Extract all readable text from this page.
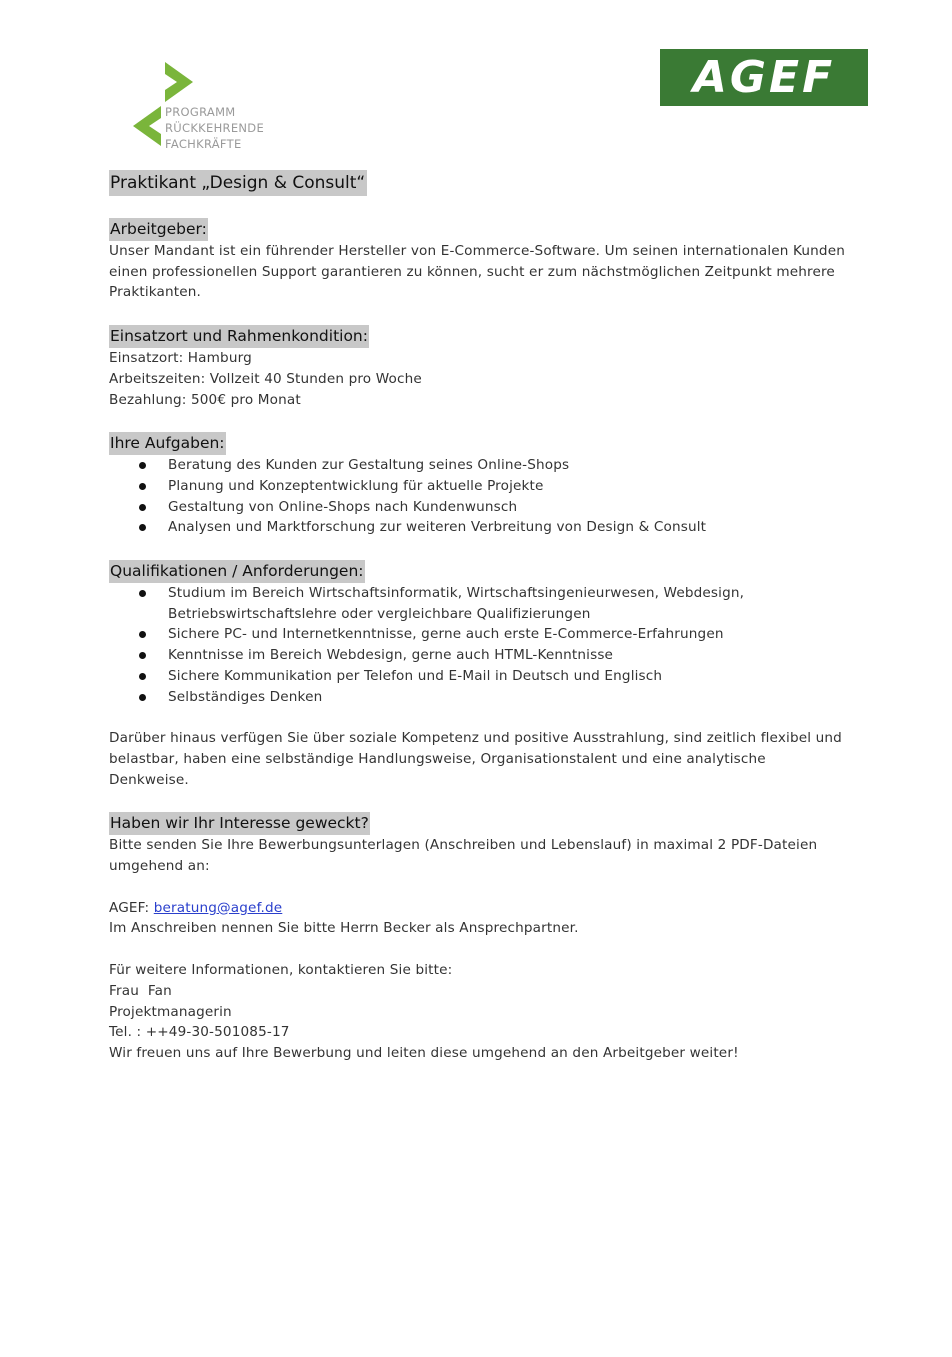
PROGRAMM
RÜCKKEHRENDE
FACHKRÄFTE
AGEF
Praktikant „Design & Consult“
Arbeitgeber:

Unser Mandant ist ein führender Hersteller von E-Commerce-Software. Um seinen internationalen Kunden einen professionellen Support garantieren zu können, sucht er zum nächstmöglichen Zeitpunkt mehrere Praktikanten.

Einsatzort und Rahmenkondition:

Einsatzort: Hamburg

Arbeitszeiten: Vollzeit 40 Stunden pro Woche

Bezahlung: 500€ pro Monat

Ihre Aufgaben:
Beratung des Kunden zur Gestaltung seines Online-Shops
Planung und Konzeptentwicklung für aktuelle Projekte
Gestaltung von Online-Shops nach Kundenwunsch
Analysen und Marktforschung zur weiteren Verbreitung von Design & Consult
Qualifikationen / Anforderungen:
Studium im Bereich Wirtschaftsinformatik, Wirtschaftsingenieurwesen, Webdesign, Betriebswirtschaftslehre oder vergleichbare Qualifizierungen
Sichere PC- und Internetkenntnisse, gerne auch erste E-Commerce-Erfahrungen
Kenntnisse im Bereich Webdesign, gerne auch HTML-Kenntnisse
Sichere Kommunikation per Telefon und E-Mail in Deutsch und Englisch
Selbständiges Denken

Darüber hinaus verfügen Sie über soziale Kompetenz und positive Ausstrahlung, sind zeitlich flexibel und belastbar, haben eine selbständige Handlungsweise, Organisationstalent und eine analytische Denkweise.

Haben wir Ihr Interesse geweckt?

Bitte senden Sie Ihre Bewerbungsunterlagen (Anschreiben und Lebenslauf) in maximal 2 PDF-Dateien umgehend an:

AGEF: beratung@agef.de

Im Anschreiben nennen Sie bitte Herrn Becker als Ansprechpartner.

Für weitere Informationen, kontaktieren Sie bitte:

Frau  Fan

Projektmanagerin

Tel. : ++49-30-501085-17

Wir freuen uns auf Ihre Bewerbung und leiten diese umgehend an den Arbeitgeber weiter!
